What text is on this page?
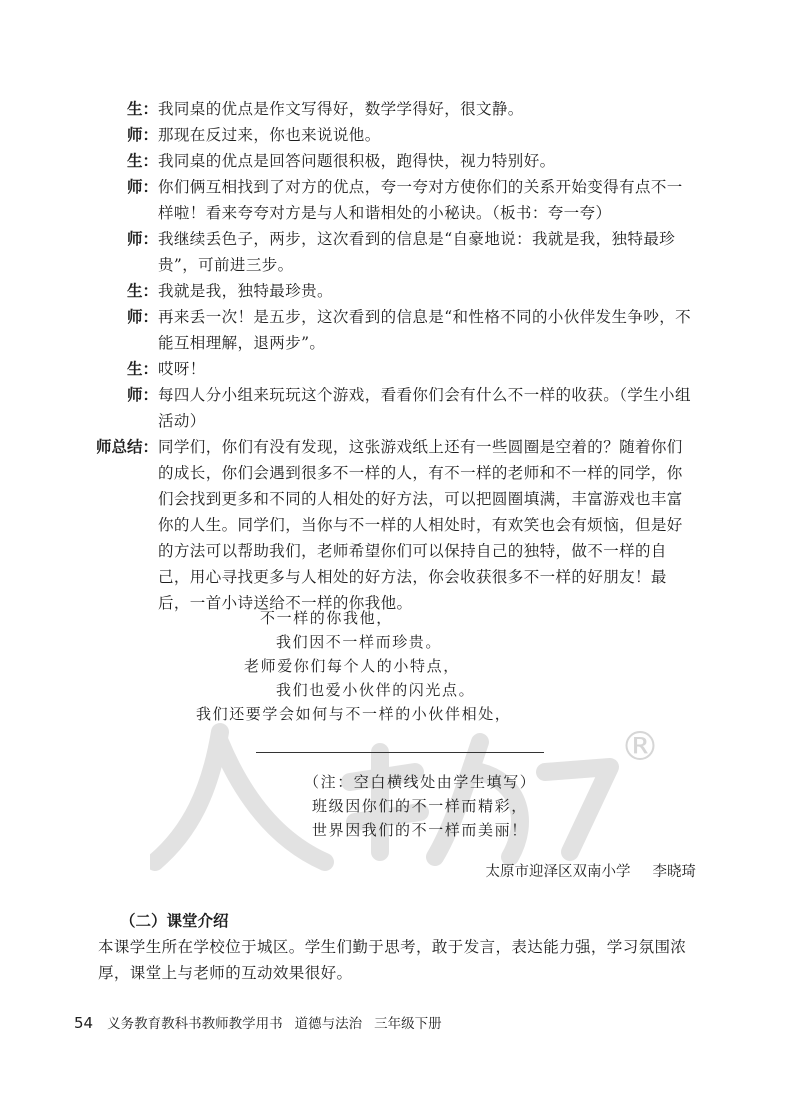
®
生： 我同桌的优点是作文写得好，数学学得好，很文静。
师： 那现在反过来，你也来说说他。
生： 我同桌的优点是回答问题很积极，跑得快，视力特别好。
师： 你们俩互相找到了对方的优点，夸一夸对方使你们的关系开始变得有点不一样啦！看来夸夸对方是与人和谐相处的小秘诀。（板书：夸一夸）
师： 我继续丢色子，两步，这次看到的信息是“自豪地说：我就是我，独特最珍贵”，可前进三步。
生： 我就是我，独特最珍贵。
师： 再来丢一次！是五步，这次看到的信息是“和性格不同的小伙伴发生争吵，不能互相理解，退两步”。
生： 哎呀！
师： 每四人分小组来玩玩这个游戏，看看你们会有什么不一样的收获。（学生小组活动）
师总结： 同学们，你们有没有发现，这张游戏纸上还有一些圆圈是空着的？随着你们的成长，你们会遇到很多不一样的人，有不一样的老师和不一样的同学，你们会找到更多和不同的人相处的好方法，可以把圆圈填满，丰富游戏也丰富你的人生。同学们，当你与不一样的人相处时，有欢笑也会有烦恼，但是好的方法可以帮助我们，老师希望你们可以保持自己的独特，做不一样的自己，用心寻找更多与人相处的好方法，你会收获很多不一样的好朋友！最后，一首小诗送给不一样的你我他。
不一样的你我他，
我们因不一样而珍贵。
老师爱你们每个人的小特点，
我们也爱小伙伴的闪光点。
我们还要学会如何与不一样的小伙伴相处，
（注：空白横线处由学生填写）
班级因你们的不一样而精彩，
世界因我们的不一样而美丽！
太原市迎泽区双南小学 李晓琦
（二）课堂介绍
本课学生所在学校位于城区。学生们勤于思考，敢于发言，表达能力强，学习氛围浓厚，课堂上与老师的互动效果很好。
54 义务教育教科书教师教学用书 道德与法治 三年级下册
